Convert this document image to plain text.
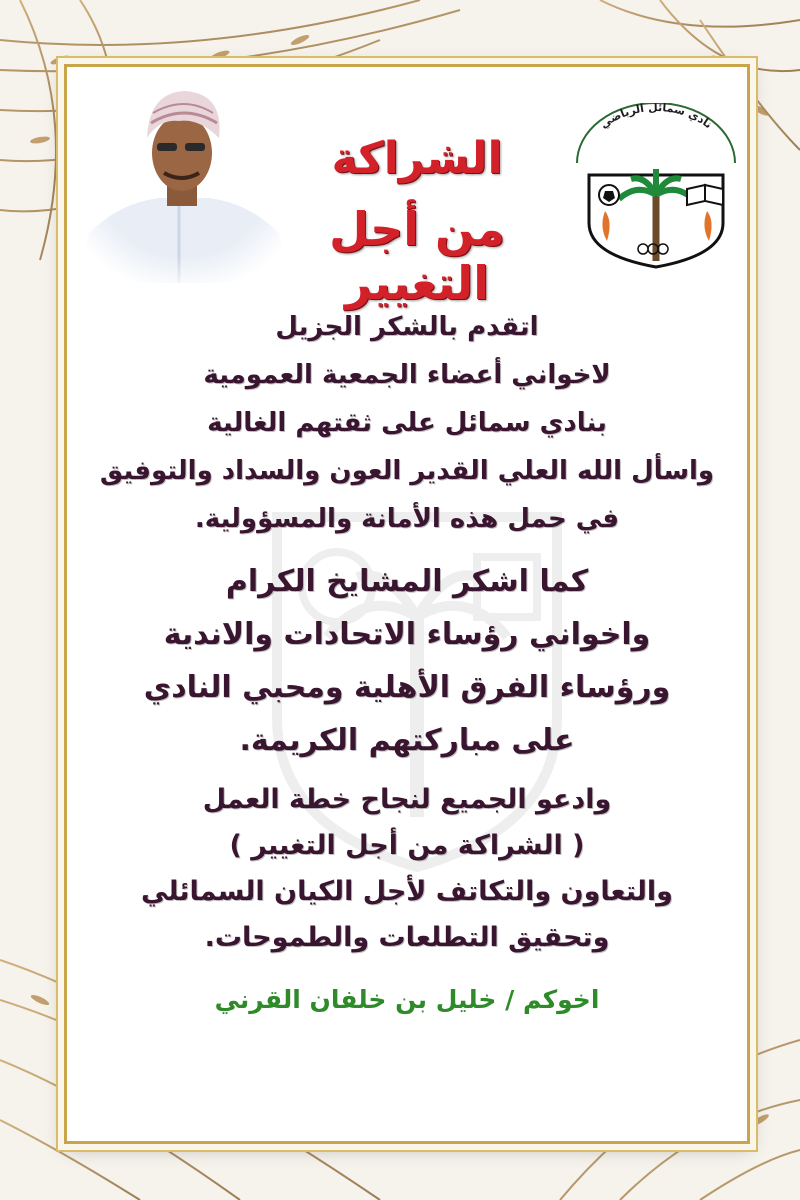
نادي سمائل الرياضي
الشراكة
من أجل التغيير
اتقدم بالشكر الجزيل
لاخواني أعضاء الجمعية العمومية
بنادي سمائل على ثقتهم الغالية
واسأل الله العلي القدير العون والسداد والتوفيق
في حمل هذه الأمانة والمسؤولية.
كما اشكر المشايخ الكرام
واخواني رؤساء الاتحادات والاندية
ورؤساء الفرق الأهلية ومحبي النادي
على مباركتهم الكريمة.
وادعو الجميع لنجاح خطة العمل
( الشراكة من أجل التغيير )
والتعاون والتكاتف لأجل الكيان السمائلي
وتحقيق التطلعات والطموحات.
اخوكم / خليل بن خلفان القرني
